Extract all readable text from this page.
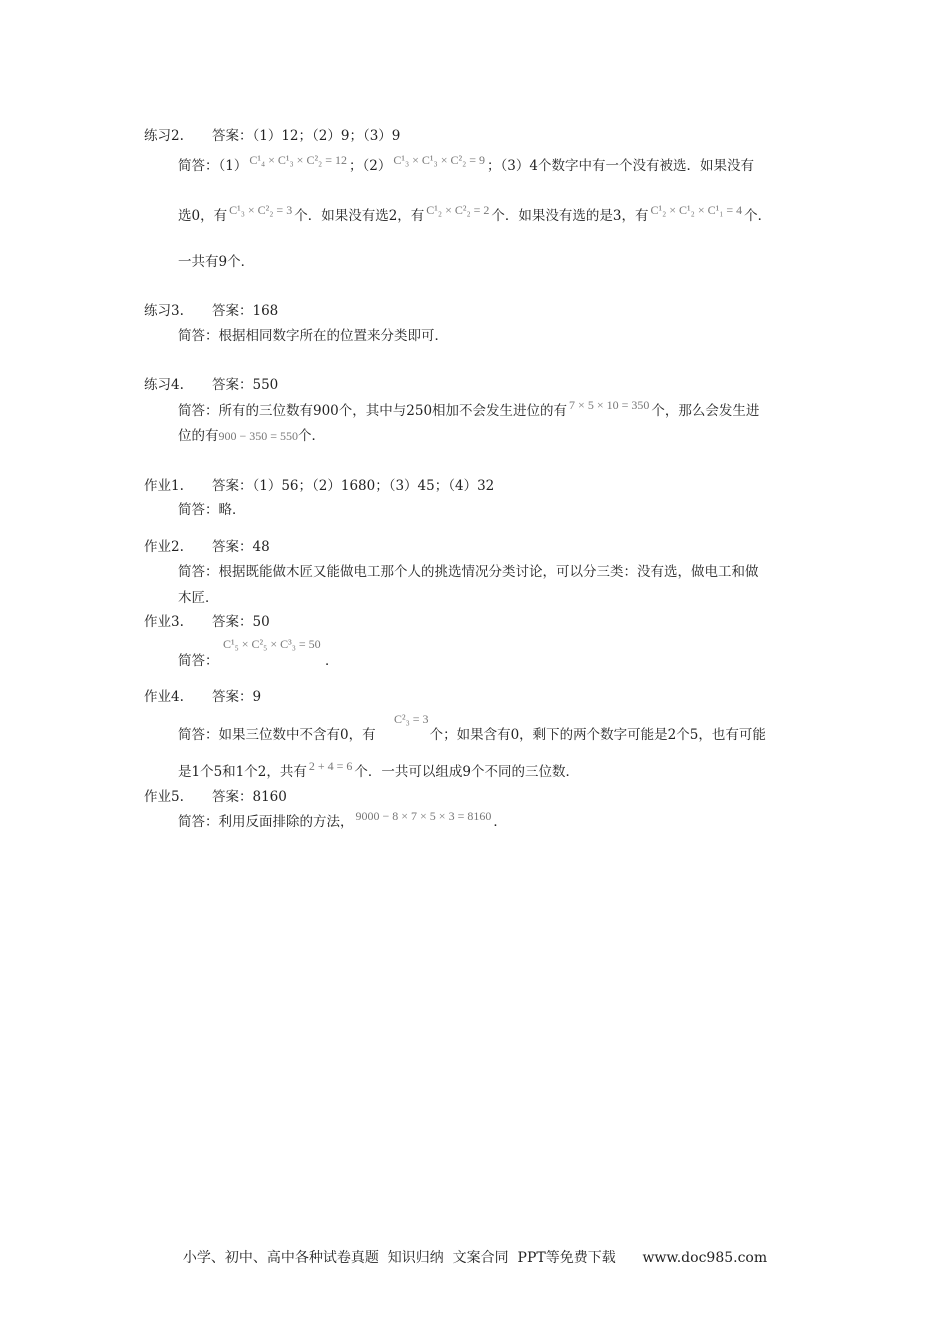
练习2. 答案：（1）12；（2）9；（3）9
简答：（1） C¹₄ × C¹₃ × C²₂ = 12 ；（2） C¹₃ × C¹₃ × C²₂ = 9 ；（3）4个数字中有一个没有被选．如果没有
选0，有 C¹₃ × C²₂ = 3 个．如果没有选2，有 C¹₂ × C²₂ = 2 个．如果没有选的是3，有 C¹₂ × C¹₂ × C¹₁ = 4 个．
一共有9个．
练习3. 答案：168
简答：根据相同数字所在的位置来分类即可．
练习4. 答案：550
简答：所有的三位数有900个，其中与250相加不会发生进位的有 7 × 5 × 10 = 350 个，那么会发生进
位的有900 − 350 = 550个．
作业1. 答案：（1）56；（2）1680；（3）45；（4）32
简答：略．
作业2. 答案：48
简答：根据既能做木匠又能做电工那个人的挑选情况分类讨论，可以分三类：没有选，做电工和做
木匠．
作业3. 答案：50
C¹₅ × C²₅ × C³₃ = 50
简答：	．
作业4. 答案：9
C²₃ = 3
简答：如果三位数中不含有0，有	个；如果含有0，剩下的两个数字可能是2个5，也有可能
是1个5和1个2，共有 2 + 4 = 6 个．一共可以组成9个不同的三位数．
作业5. 答案：8160
简答：利用反面排除的方法， 9000 − 8 × 7 × 5 × 3 = 8160 ．
小学、初中、高中各种试卷真题  知识归纳  文案合同  PPT等免费下载      www.doc985.com
